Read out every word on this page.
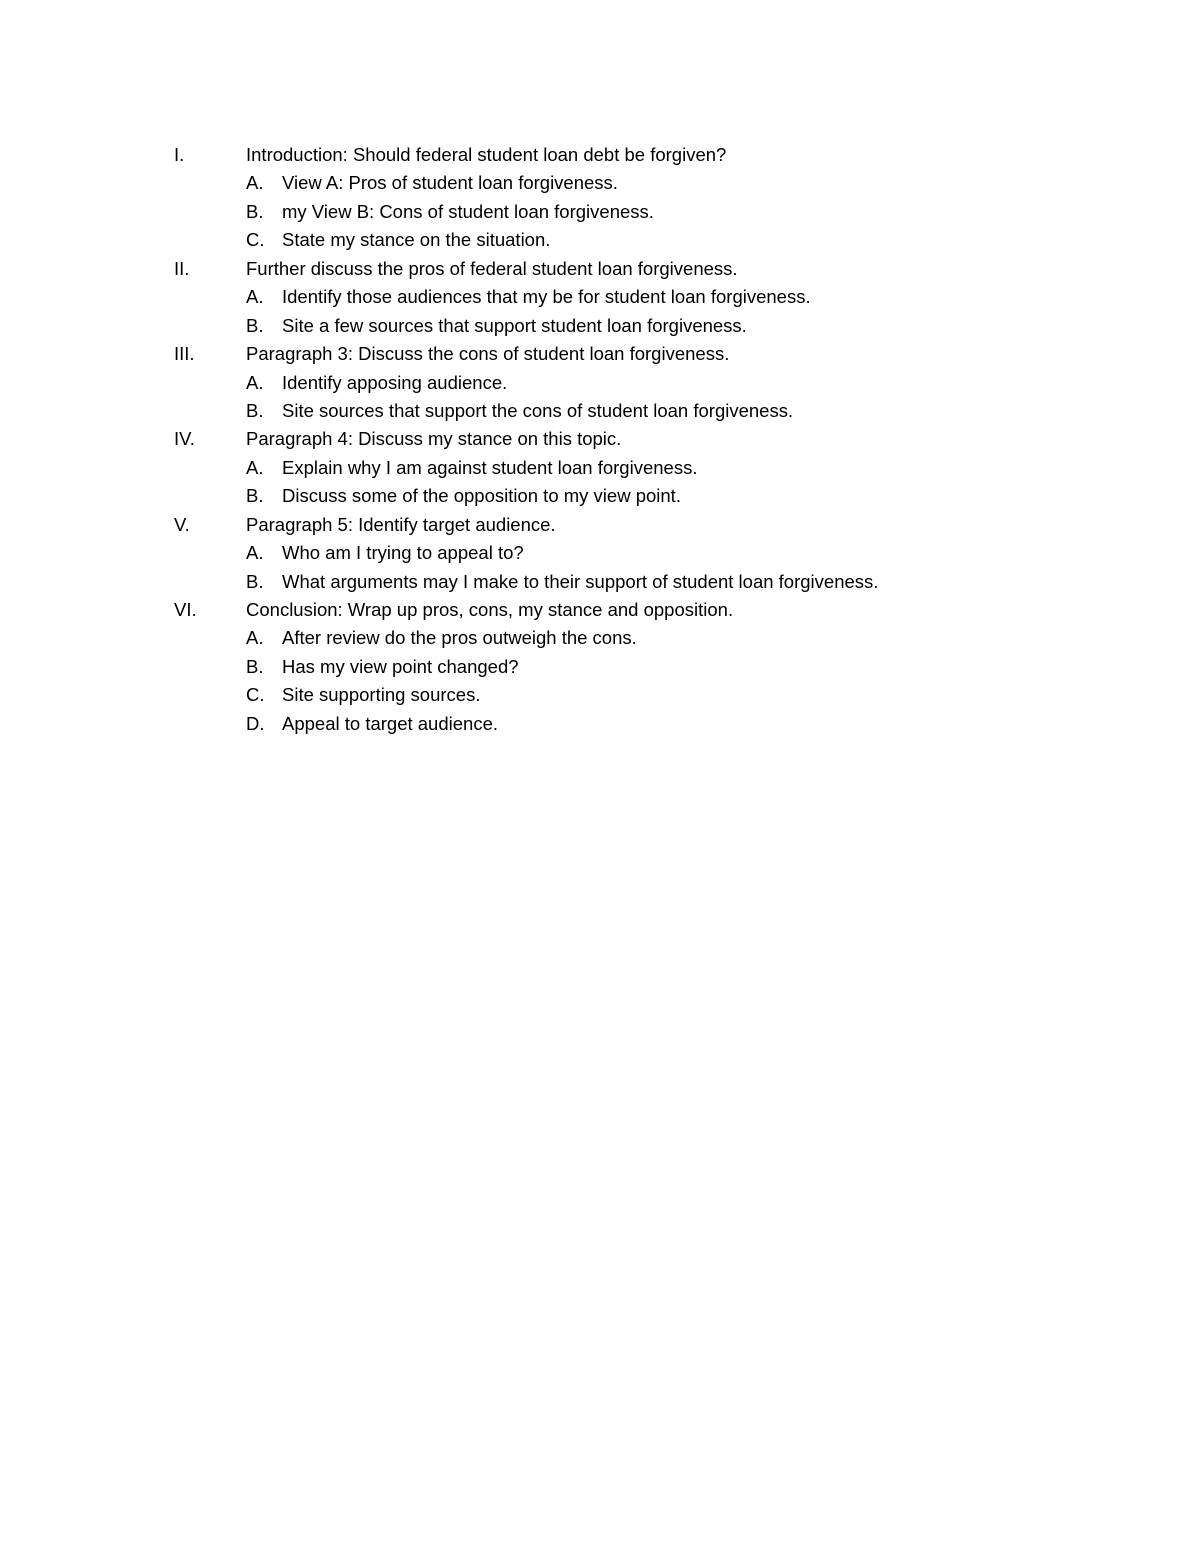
I.	Introduction: Should federal student loan debt be forgiven?
A. View A: Pros of student loan forgiveness.
B. my View B: Cons of student loan forgiveness.
C. State my stance on the situation.
II.	Further discuss the pros of federal student loan forgiveness.
A. Identify those audiences that my be for student loan forgiveness.
B. Site a few sources that support student loan forgiveness.
III.	Paragraph 3: Discuss the cons of student loan forgiveness.
A. Identify apposing audience.
B. Site sources that support the cons of student loan forgiveness.
IV.	Paragraph 4: Discuss my stance on this topic.
A. Explain why I am against student loan forgiveness.
B. Discuss some of the opposition to my view point.
V.	Paragraph 5: Identify target audience.
A. Who am I trying to appeal to?
B. What arguments may I make to their support of student loan forgiveness.
VI.	Conclusion: Wrap up pros, cons, my stance and opposition.
A. After review do the pros outweigh the cons.
B. Has my view point changed?
C. Site supporting sources.
D. Appeal to target audience.
